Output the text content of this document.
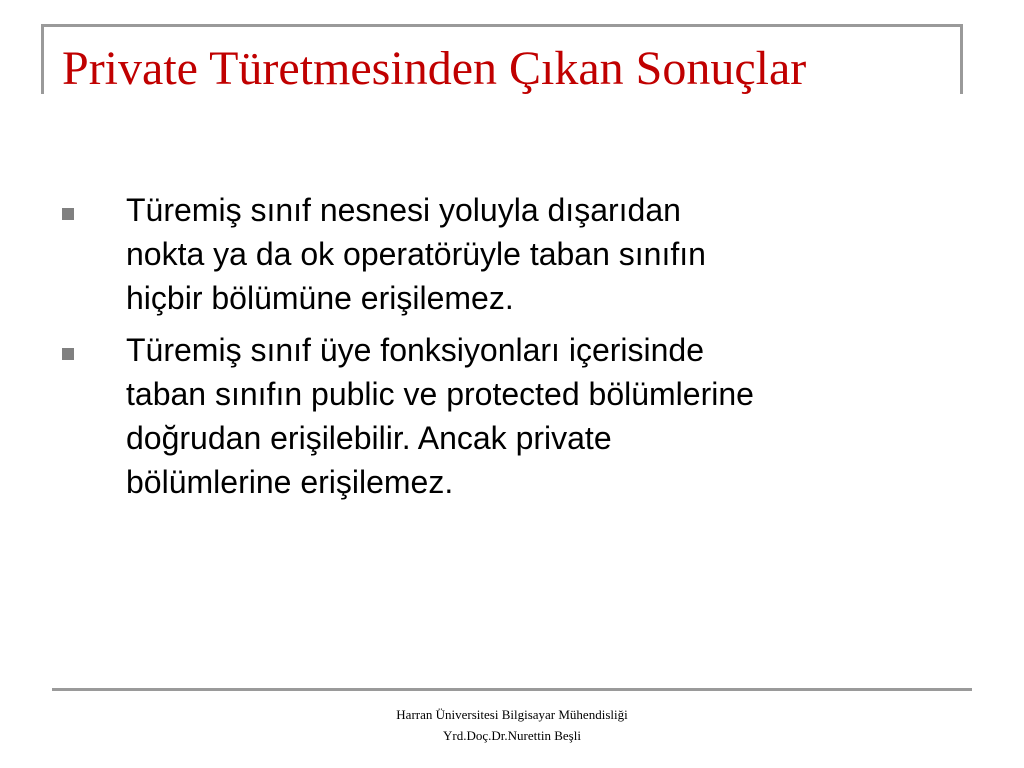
Private Türetmesinden Çıkan Sonuçlar
Türemiş sınıf nesnesi yoluyla dışarıdan
nokta ya da ok operatörüyle taban sınıfın
hiçbir bölümüne erişilemez.
Türemiş sınıf üye fonksiyonları içerisinde
taban sınıfın public ve protected bölümlerine
doğrudan erişilebilir. Ancak private
bölümlerine erişilemez.
Harran Üniversitesi Bilgisayar Mühendisliği
Yrd.Doç.Dr.Nurettin Beşli
